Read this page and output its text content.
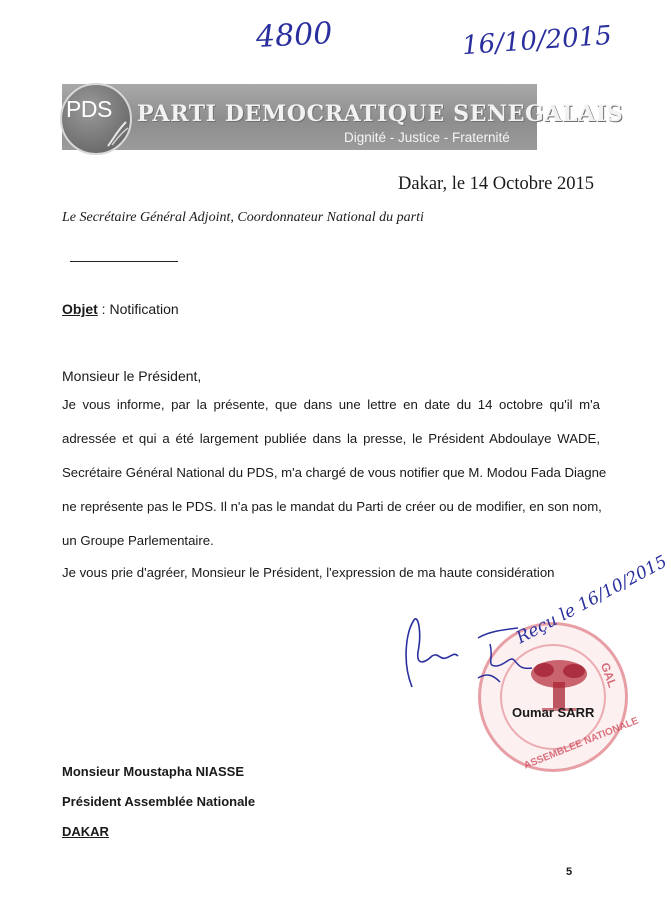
4800	16/10/2015
PDS PARTI DEMOCRATIQUE SENEGALAIS
Dignité - Justice - Fraternité
Dakar, le 14 Octobre 2015
Le Secrétaire Général Adjoint, Coordonnateur National du parti
Objet : Notification
Monsieur le Président,
Je vous informe, par la présente, que dans une lettre en date du 14 octobre qu'il m'a
adressée et qui a été largement publiée dans la presse, le Président Abdoulaye WADE,
Secrétaire Général National du PDS, m'a chargé de vous notifier que M. Modou Fada Diagne
ne représente pas le PDS. Il n'a pas le mandat du Parti de créer ou de modifier, en son nom,
un Groupe Parlementaire.
Je vous prie d'agréer, Monsieur le Président, l'expression de ma haute considération
GAL
ASSEMBLEE NATIONALE
Reçu le 16/10/2015
Oumar SARR
Monsieur Moustapha NIASSE
Président Assemblée Nationale
DAKAR
5
